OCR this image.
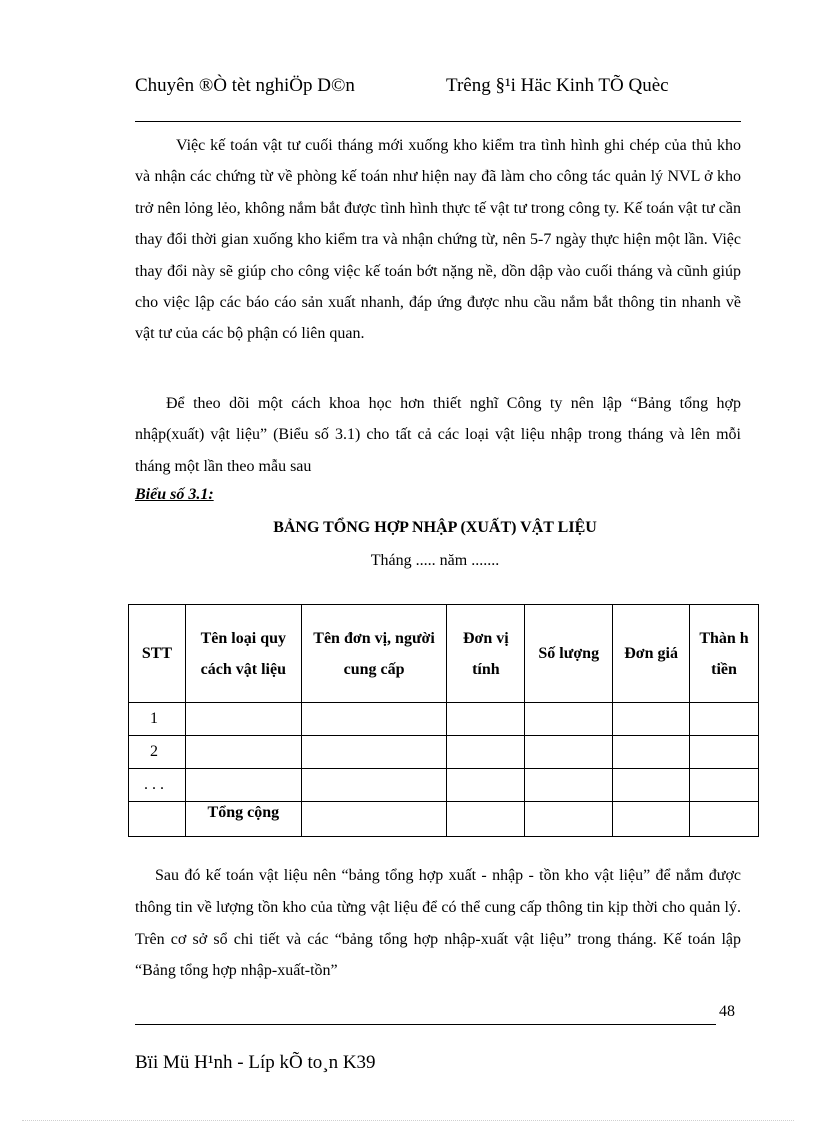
Chuyên ®Ò tèt nghiÖp D©n	Trêng §¹i Häc Kinh TÕ Quèc

Việc kế toán vật tư cuối tháng mới xuống kho kiểm tra tình hình ghi chép của thủ kho và nhận các chứng từ về phòng kế toán như hiện nay đã làm cho công tác quản lý NVL ở kho trở nên lỏng lẻo, không nắm bắt được tình hình thực tế vật tư trong công ty. Kế toán vật tư cần thay đổi thời gian xuống kho kiểm tra và nhận chứng từ, nên 5-7 ngày thực hiện một lần. Việc thay đổi này sẽ giúp cho công việc kế toán bớt nặng nề, dồn dập vào cuối tháng và cũnh giúp cho việc lập các báo cáo sản xuất nhanh, đáp ứng được nhu cầu nắm bắt thông tin nhanh về vật tư của các bộ phận có liên quan.

Để theo dõi một cách khoa học hơn thiết nghĩ Công ty nên lập “Bảng tổng hợp nhập(xuất) vật liệu” (Biểu số 3.1) cho tất cả các loại vật liệu nhập trong tháng và lên mỗi tháng một lần theo mẫu sau

Biểu số 3.1:
BẢNG TỔNG HỢP NHẬP (XUẤT) VẬT LIỆU
Tháng ..... năm .......
STT	Tên loại quy cách vật liệu	Tên đơn vị, người cung cấp	Đơn vị tính	Số lượng	Đơn giá	Thàn h tiền
1						
2						
. . .						
	Tổng cộng					

Sau đó kế toán vật liệu nên “bảng tổng hợp xuất - nhập - tồn kho vật liệu” để nắm được thông tin về lượng tồn kho của từng vật liệu để có thể cung cấp thông tin kịp thời cho quản lý. Trên cơ sở sổ chi tiết và các “bảng tổng hợp nhập-xuất vật liệu” trong tháng. Kế toán lập “Bảng tổng hợp nhập-xuất-tồn”

48
Bïi Mü H¹nh - Líp kÕ to¸n K39
